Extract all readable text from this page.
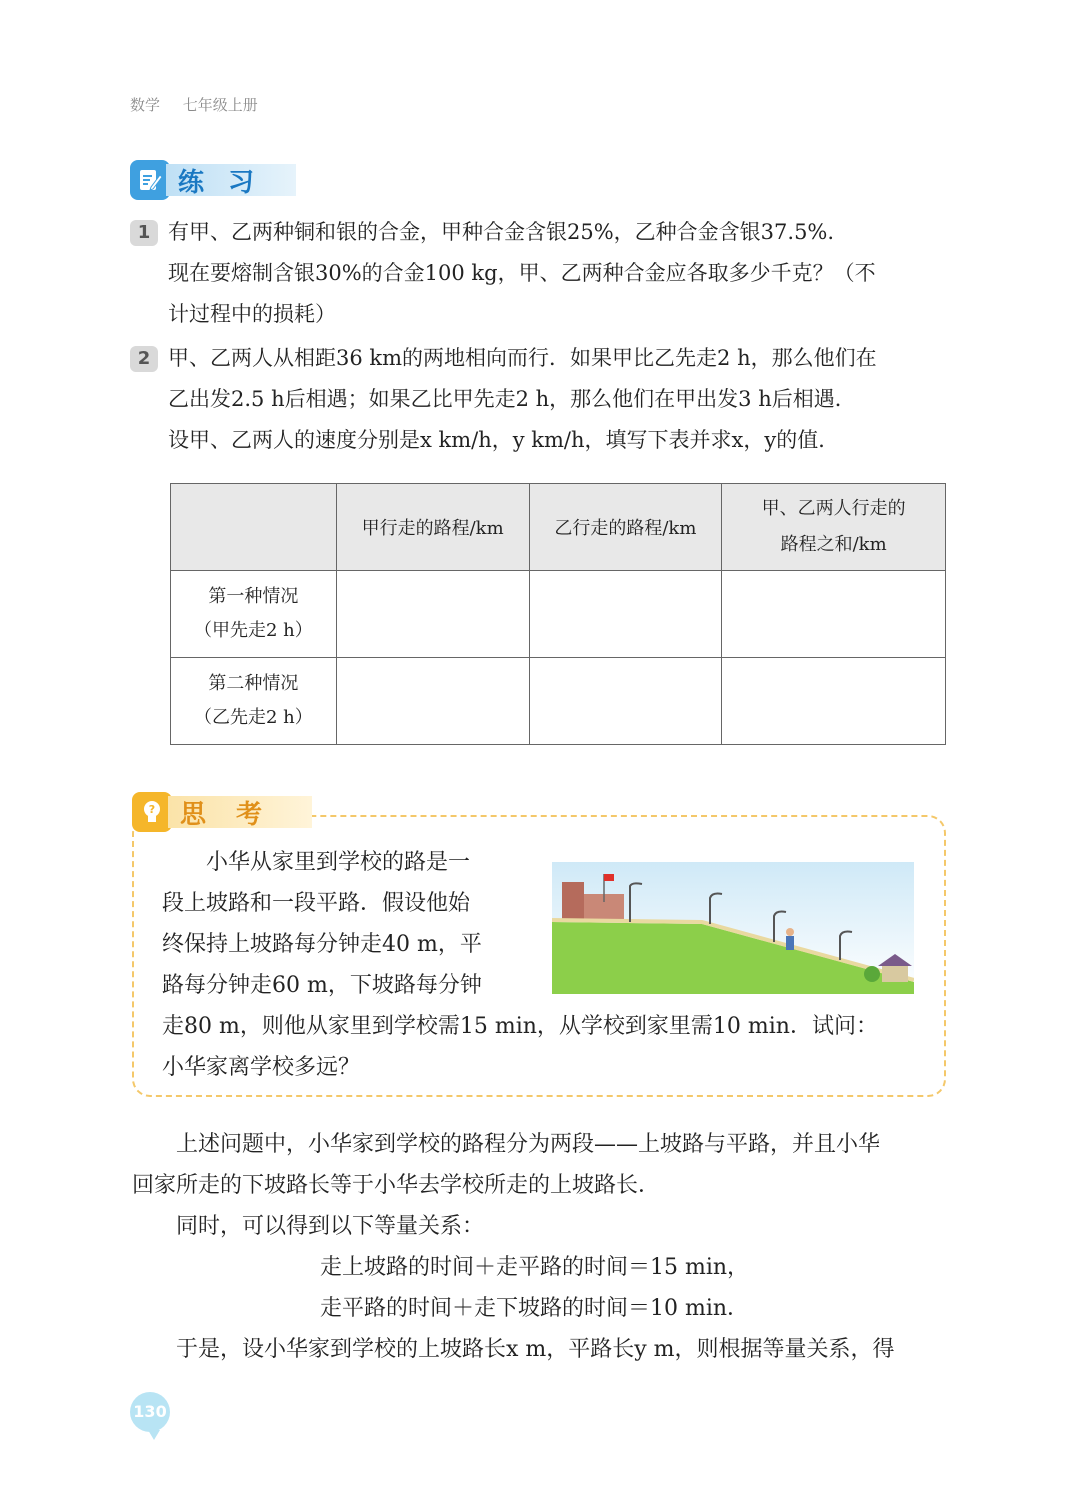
数学 七年级上册
练习
1 有甲、乙两种铜和银的合金，甲种合金含银25%，乙种合金含银37.5%.
现在要熔制含银30%的合金100 kg，甲、乙两种合金应各取多少千克？（不
计过程中的损耗）
2 甲、乙两人从相距36 km的两地相向而行．如果甲比乙先走2 h，那么他们在
乙出发2.5 h后相遇；如果乙比甲先走2 h，那么他们在甲出发3 h后相遇．
设甲、乙两人的速度分别是x km/h，y km/h，填写下表并求x，y的值．
	甲行走的路程/km	乙行走的路程/km	甲、乙两人行走的
路程之和/km

第一种情况
（甲先走2 h）			

第二种情况
（乙先走2 h）			

? 思考
小华从家里到学校的路是一
段上坡路和一段平路．假设他始
终保持上坡路每分钟走40 m，平
路每分钟走60 m，下坡路每分钟
走80 m，则他从家里到学校需15 min，从学校到家里需10 min．试问：
小华家离学校多远？
上述问题中，小华家到学校的路程分为两段——上坡路与平路，并且小华
回家所走的下坡路长等于小华去学校所走的上坡路长．
同时，可以得到以下等量关系：
走上坡路的时间＋走平路的时间＝15 min，
走平路的时间＋走下坡路的时间＝10 min．
于是，设小华家到学校的上坡路长x m，平路长y m，则根据等量关系，得
130
